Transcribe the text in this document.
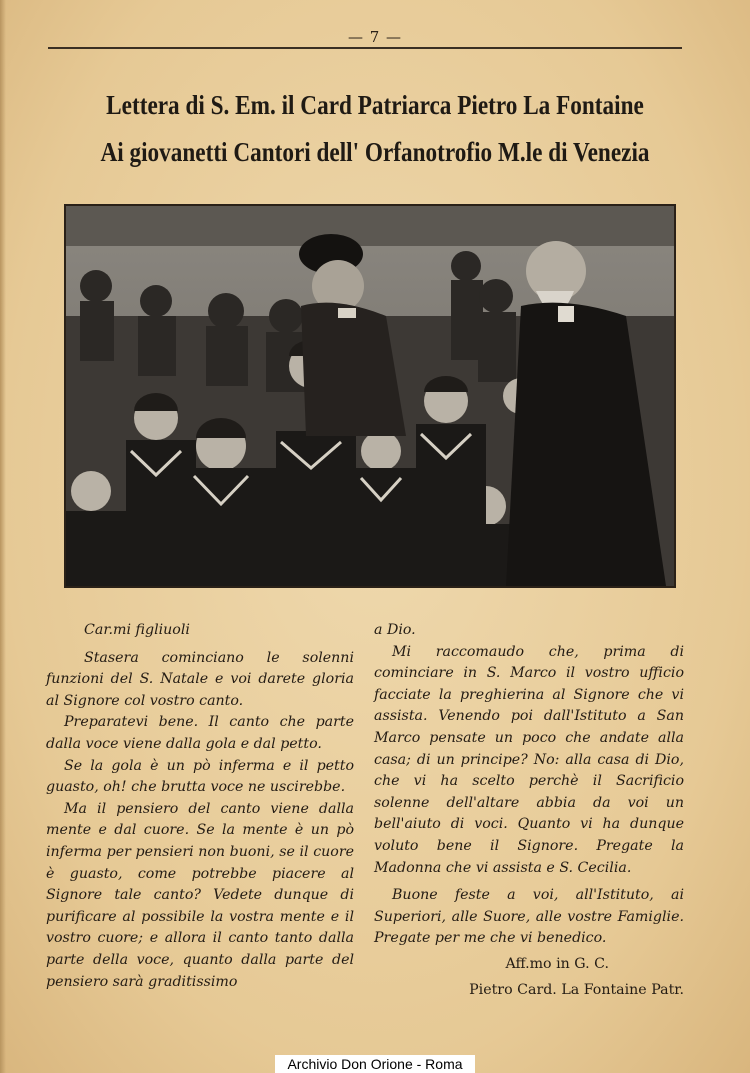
— 7 —
Lettera di S. Em. il Card Patriarca Pietro La Fontaine
Ai giovanetti Cantori dell' Orfanotrofio M.le di Venezia

Car.mi figliuoli

Stasera cominciano le solenni funzioni del S. Natale e voi darete gloria al Signore col vostro canto.

Preparatevi bene. Il canto che parte dalla voce viene dalla gola e dal petto.

Se la gola è un pò inferma e il petto guasto, oh! che brutta voce ne uscirebbe.

Ma il pensiero del canto viene dalla mente e dal cuore. Se la mente è un pò inferma per pensieri non buoni, se il cuore è guasto, come potrebbe piacere al Signore tale canto? Vedete dunque di purificare al possibile la vostra mente e il vostro cuore; e allora il canto tanto dalla parte della voce, quanto dalla parte del pensiero sarà graditissimo

a Dio.

Mi raccomaudo che, prima di cominciare in S. Marco il vostro ufficio facciate la preghierina al Signore che vi assista. Venendo poi dall'Istituto a San Marco pensate un poco che andate alla casa; di un principe? No: alla casa di Dio, che vi ha scelto perchè il Sacrificio solenne dell'altare abbia da voi un bell'aiuto di voci. Quanto vi ha dunque voluto bene il Signore. Pregate la Madonna che vi assista e S. Cecilia.

Buone feste a voi, all'Istituto, ai Superiori, alle Suore, alle vostre Famiglie. Pregate per me che vi benedico.

Aff.mo in G. C.

Pietro Card. La Fontaine Patr.

Archivio Don Orione - Roma
